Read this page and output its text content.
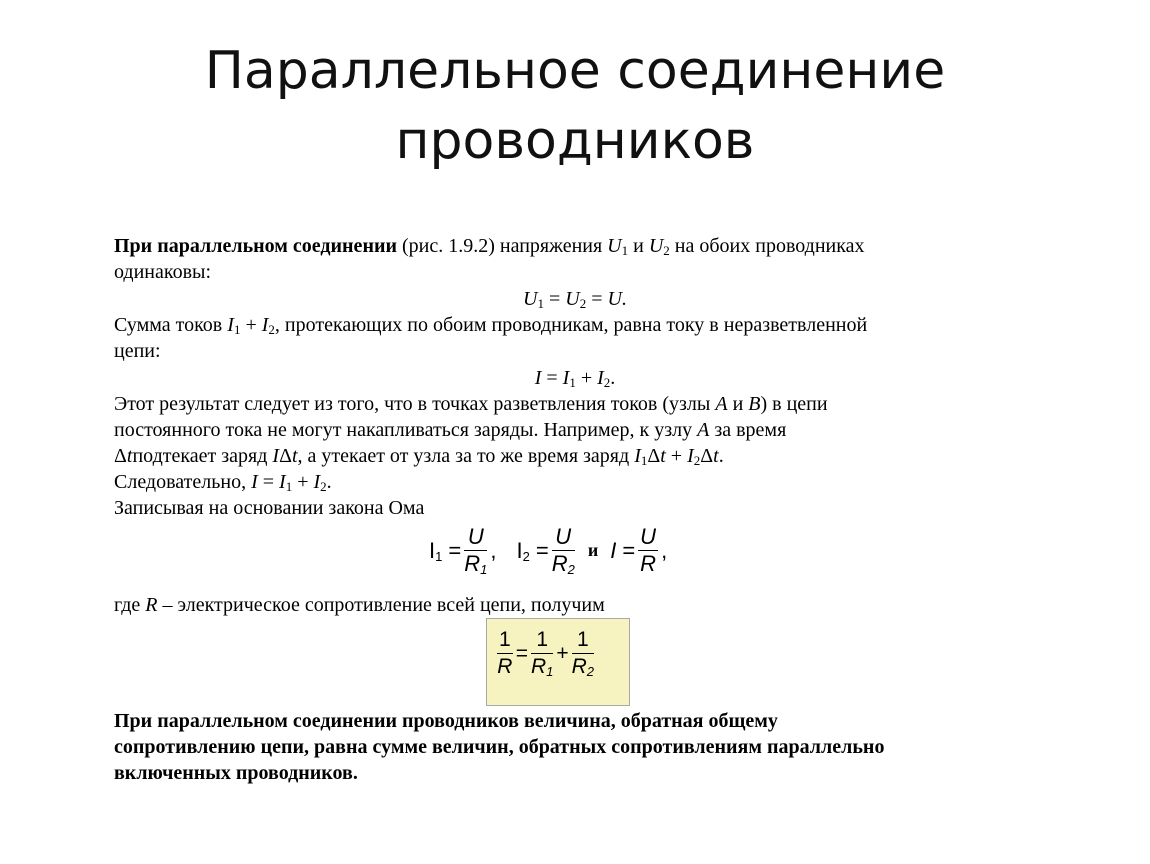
Параллельное соединение
проводников
При параллельном соединении (рис. 1.9.2) напряжения $U_1$ и $U_2$ на обоих проводниках
одинаковы:
$U_1 = U_2 = U$.
Сумма токов $I_1 + I_2$, протекающих по обоим проводникам, равна току в неразветвленной
цепи:
$I = I_1 + I_2$.
Этот результат следует из того, что в точках разветвления токов (узлы A и B) в цепи
постоянного тока не могут накапливаться заряды. Например, к узлу A за время
Δtподтекает заряд IΔt, а утекает от узла за то же время заряд $I_1\Delta t + I_2\Delta t$.
Следовательно, $I = I_1 + I_2$.
Записывая на основании закона Ома
$I_1 = \frac{U}{R_1}$ , $I_2 = \frac{U}{R_2}$ и $I = \frac{U}{R}$ ,
где R – электрическое сопротивление всей цепи, получим
$\frac{1}{R} = \frac{1}{R_1} + \frac{1}{R_2}$
При параллельном соединении проводников величина, обратная общему
сопротивлению цепи, равна сумме величин, обратных сопротивлениям параллельно
включенных проводников.
